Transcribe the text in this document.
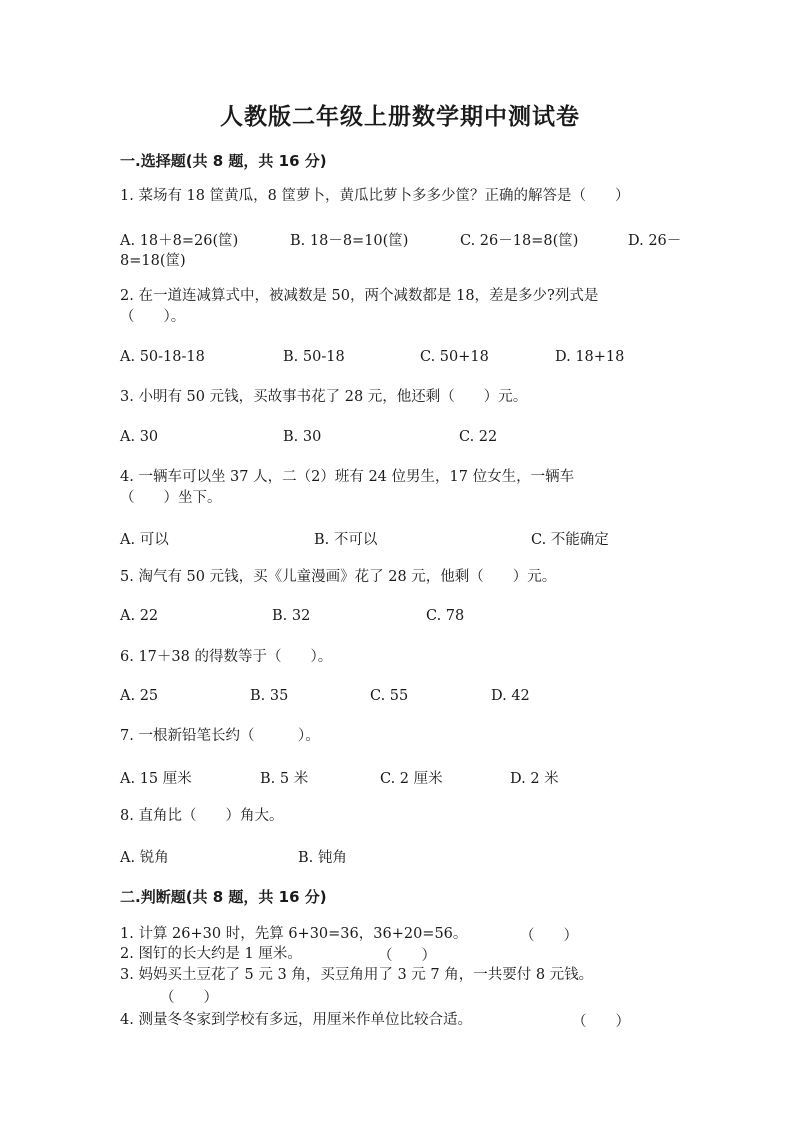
人教版二年级上册数学期中测试卷

一.选择题(共 8 题，共 16 分)

1. 菜场有 18 筐黄瓜，8 筐萝卜，黄瓜比萝卜多多少筐？正确的解答是（　　）

A. 18＋8=26(筐)	B. 18－8=10(筐)	C. 26－18=8(筐)	D. 26－
8=18(筐)

2. 在一道连减算式中，被减数是 50，两个减数都是 18，差是多少?列式是

（　　）。

A. 50-18-18	B. 50-18	C. 50+18	D. 18+18

3. 小明有 50 元钱，买故事书花了 28 元，他还剩（　　）元。

A. 30	B. 30	C. 22

4. 一辆车可以坐 37 人，二（2）班有 24 位男生，17 位女生，一辆车

（　　）坐下。

A. 可以	B. 不可以	C. 不能确定

5. 淘气有 50 元钱，买《儿童漫画》花了 28 元，他剩（　　）元。

A. 22	B. 32	C. 78

6. 17＋38 的得数等于（　　）。

A. 25	B. 35	C. 55	D. 42

7. 一根新铅笔长约（　　　）。

A. 15 厘米	B. 5 米	C. 2 厘米	D. 2 米

8. 直角比（　　）角大。

A. 锐角	B. 钝角

二.判断题(共 8 题，共 16 分)

1. 计算 26+30 时，先算 6+30=36，36+20=56。	（　　）

2. 图钉的长大约是 1 厘米。	（　　）

3. 妈妈买土豆花了 5 元 3 角，买豆角用了 3 元 7 角，一共要付 8 元钱。

（　　）

4. 测量冬冬家到学校有多远，用厘米作单位比较合适。	（　　）
